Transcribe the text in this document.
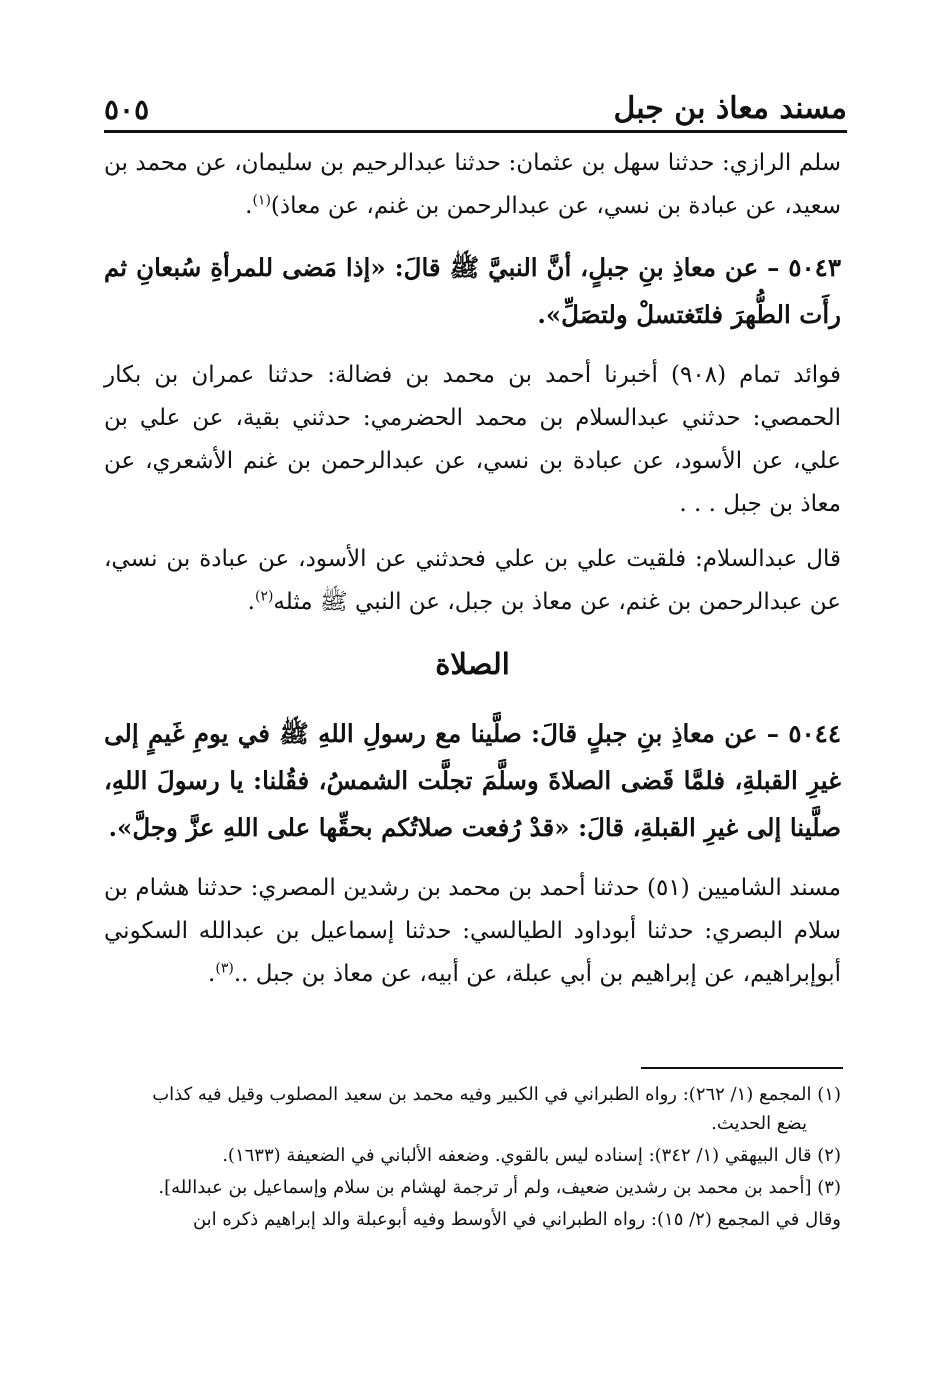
مسند معاذ بن جبل
٥٠٥

سلم الرازي: حدثنا سهل بن عثمان: حدثنا عبدالرحيم بن سليمان، عن محمد بن سعيد، عن عبادة بن نسي، عن عبدالرحمن بن غنم، عن معاذ)$^{(١)}$.

٥٠٤٣ – عن معاذِ بنِ جبلٍ، أنَّ النبيَّ ﷺ قالَ: «إذا مَضى للمرأةِ سُبعانِ ثم رأَت الطُّهرَ فلتَغتسلْ ولتصَلِّ».

فوائد تمام (٩٠٨) أخبرنا أحمد بن محمد بن فضالة: حدثنا عمران بن بكار الحمصي: حدثني عبدالسلام بن محمد الحضرمي: حدثني بقية، عن علي بن علي، عن الأسود، عن عبادة بن نسي، عن عبدالرحمن بن غنم الأشعري، عن معاذ بن جبل . . .

قال عبدالسلام: فلقيت علي بن علي فحدثني عن الأسود، عن عبادة بن نسي، عن عبدالرحمن بن غنم، عن معاذ بن جبل، عن النبي ﷺ مثله$^{(٢)}$.

الصلاة

٥٠٤٤ – عن معاذِ بنِ جبلٍ قالَ: صلَّينا مع رسولِ اللهِ ﷺ في يومِ غَيمٍ إلى غيرِ القبلةِ، فلمَّا قَضى الصلاةَ وسلَّمَ تجلَّت الشمسُ، فقُلنا: يا رسولَ اللهِ، صلَّينا إلى غيرِ القبلةِ، قالَ: «قدْ رُفعت صلاتُكم بحقِّها على اللهِ عزَّ وجلَّ».

مسند الشاميين (٥١) حدثنا أحمد بن محمد بن رشدين المصري: حدثنا هشام بن سلام البصري: حدثنا أبوداود الطيالسي: حدثنا إسماعيل بن عبدالله السكوني أبوإبراهيم، عن إبراهيم بن أبي عبلة، عن أبيه، عن معاذ بن جبل ..$^{(٣)}$.

(١) المجمع (١/ ٢٦٢): رواه الطبراني في الكبير وفيه محمد بن سعيد المصلوب وقيل فيه كذاب
يضع الحديث.
(٢) قال البيهقي (١/ ٣٤٢): إسناده ليس بالقوي. وضعفه الألباني في الضعيفة (١٦٣٣).
(٣) [أحمد بن محمد بن رشدين ضعيف، ولم أر ترجمة لهشام بن سلام وإسماعيل بن عبدالله].
وقال في المجمع (٢/ ١٥): رواه الطبراني في الأوسط وفيه أبوعبلة والد إبراهيم ذكره ابن
